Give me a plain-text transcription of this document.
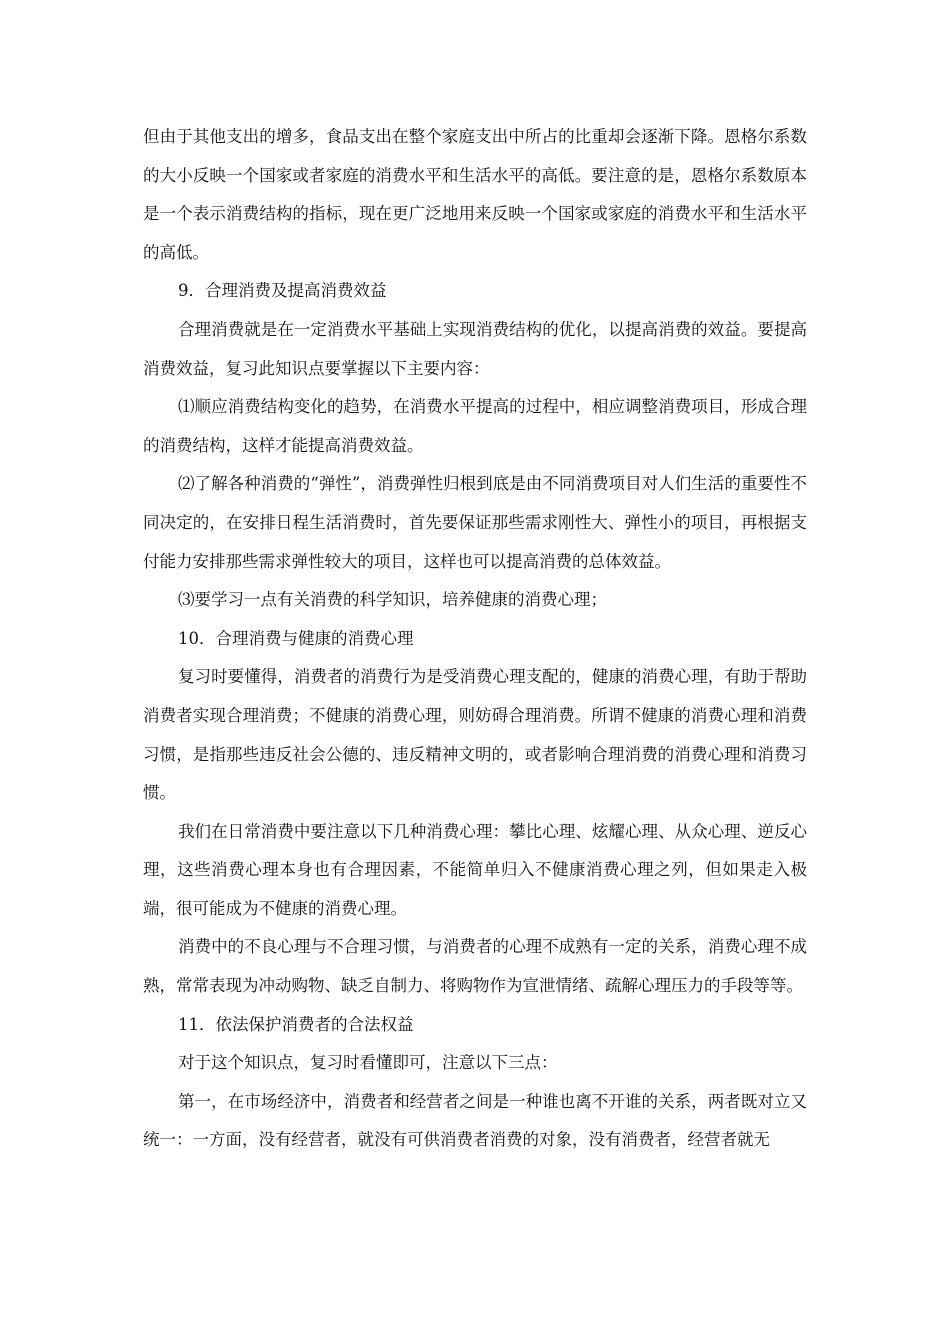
但由于其他支出的增多，食品支出在整个家庭支出中所占的比重却会逐渐下降。恩格尔系数的大小反映一个国家或者家庭的消费水平和生活水平的高低。要注意的是，恩格尔系数原本是一个表示消费结构的指标，现在更广泛地用来反映一个国家或家庭的消费水平和生活水平的高低。

9．合理消费及提高消费效益

合理消费就是在一定消费水平基础上实现消费结构的优化，以提高消费的效益。要提高消费效益，复习此知识点要掌握以下主要内容：

⑴顺应消费结构变化的趋势，在消费水平提高的过程中，相应调整消费项目，形成合理的消费结构，这样才能提高消费效益。

⑵了解各种消费的“弹性”，消费弹性归根到底是由不同消费项目对人们生活的重要性不同决定的，在安排日程生活消费时，首先要保证那些需求刚性大、弹性小的项目，再根据支付能力安排那些需求弹性较大的项目，这样也可以提高消费的总体效益。

⑶要学习一点有关消费的科学知识，培养健康的消费心理；

10．合理消费与健康的消费心理

复习时要懂得，消费者的消费行为是受消费心理支配的，健康的消费心理，有助于帮助消费者实现合理消费；不健康的消费心理，则妨碍合理消费。所谓不健康的消费心理和消费习惯，是指那些违反社会公德的、违反精神文明的，或者影响合理消费的消费心理和消费习惯。

我们在日常消费中要注意以下几种消费心理：攀比心理、炫耀心理、从众心理、逆反心理，这些消费心理本身也有合理因素，不能简单归入不健康消费心理之列，但如果走入极端，很可能成为不健康的消费心理。

消费中的不良心理与不合理习惯，与消费者的心理不成熟有一定的关系，消费心理不成熟，常常表现为冲动购物、缺乏自制力、将购物作为宣泄情绪、疏解心理压力的手段等等。

11．依法保护消费者的合法权益

对于这个知识点，复习时看懂即可，注意以下三点：

第一，在市场经济中，消费者和经营者之间是一种谁也离不开谁的关系，两者既对立又统一：一方面，没有经营者，就没有可供消费者消费的对象，没有消费者，经营者就无
